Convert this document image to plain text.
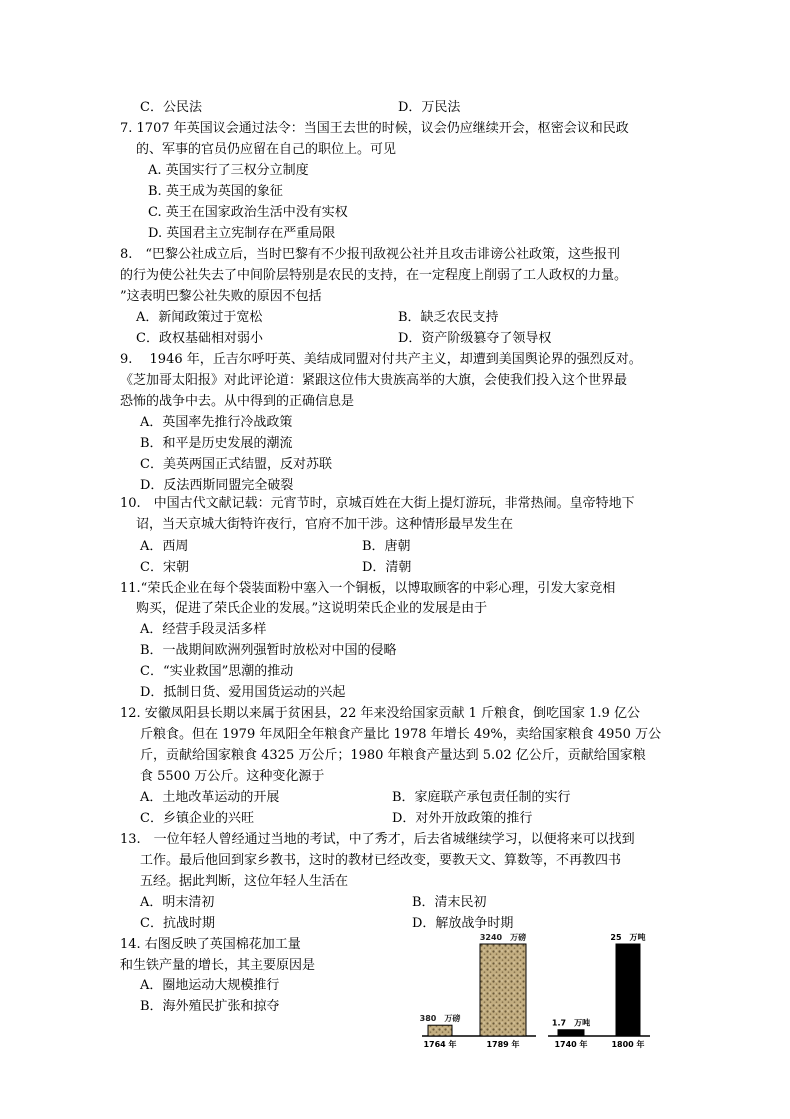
C．公民法	D．万民法
7. 1707 年英国议会通过法令：当国王去世的时候，议会仍应继续开会，枢密会议和民政
的、军事的官员仍应留在自己的职位上。可见
A. 英国实行了三权分立制度
B. 英王成为英国的象征
C. 英王在国家政治生活中没有实权
D. 英国君主立宪制存在严重局限
8.　“巴黎公社成立后，当时巴黎有不少报刊敌视公社并且攻击诽谤公社政策，这些报刊
的行为使公社失去了中间阶层特别是农民的支持，在一定程度上削弱了工人政权的力量。
”这表明巴黎公社失败的原因不包括
A．新闻政策过于宽松	B．缺乏农民支持
C．政权基础相对弱小	D．资产阶级篡夺了领导权
9.　 1946 年，丘吉尔呼吁英、美结成同盟对付共产主义，却遭到美国舆论界的强烈反对。
《芝加哥太阳报》对此评论道：紧跟这位伟大贵族高举的大旗，会使我们投入这个世界最
恐怖的战争中去。从中得到的正确信息是
A．英国率先推行冷战政策
B．和平是历史发展的潮流
C．美英两国正式结盟，反对苏联
D．反法西斯同盟完全破裂
10.　中国古代文献记载：元宵节时，京城百姓在大街上提灯游玩，非常热闹。皇帝特地下
诏，当天京城大街特许夜行，官府不加干涉。这种情形最早发生在
A．西周	B．唐朝
C．宋朝	D．清朝
11.“荣氏企业在每个袋装面粉中塞入一个铜板，以博取顾客的中彩心理，引发大家竞相
购买，促进了荣氏企业的发展。”这说明荣氏企业的发展是由于
A．经营手段灵活多样
B．一战期间欧洲列强暂时放松对中国的侵略
C．“实业救国”思潮的推动
D．抵制日货、爱用国货运动的兴起
12. 安徽凤阳县长期以来属于贫困县，22 年来没给国家贡献 1 斤粮食，倒吃国家 1.9 亿公
斤粮食。但在 1979 年凤阳全年粮食产量比 1978 年增长 49%，卖给国家粮食 4950 万公
斤，贡献给国家粮食 4325 万公斤；1980 年粮食产量达到 5.02 亿公斤，贡献给国家粮
食 5500 万公斤。这种变化源于
A．土地改革运动的开展	B．家庭联产承包责任制的实行
C．乡镇企业的兴旺	D．对外开放政策的推行
13.　一位年轻人曾经通过当地的考试，中了秀才，后去省城继续学习，以便将来可以找到
工作。最后他回到家乡教书，这时的教材已经改变，要教天文、算数等，不再教四书
五经。据此判断，这位年轻人生活在
A．明末清初	B．清末民初
C．抗战时期	D．解放战争时期
14. 右图反映了英国棉花加工量
和生铁产量的增长，其主要原因是
A．圈地运动大规模推行
B．海外殖民扩张和掠夺
380　万磅
1764 年
3240　万磅
1789 年
1.7　万吨
1740 年
25　万吨
1800 年
